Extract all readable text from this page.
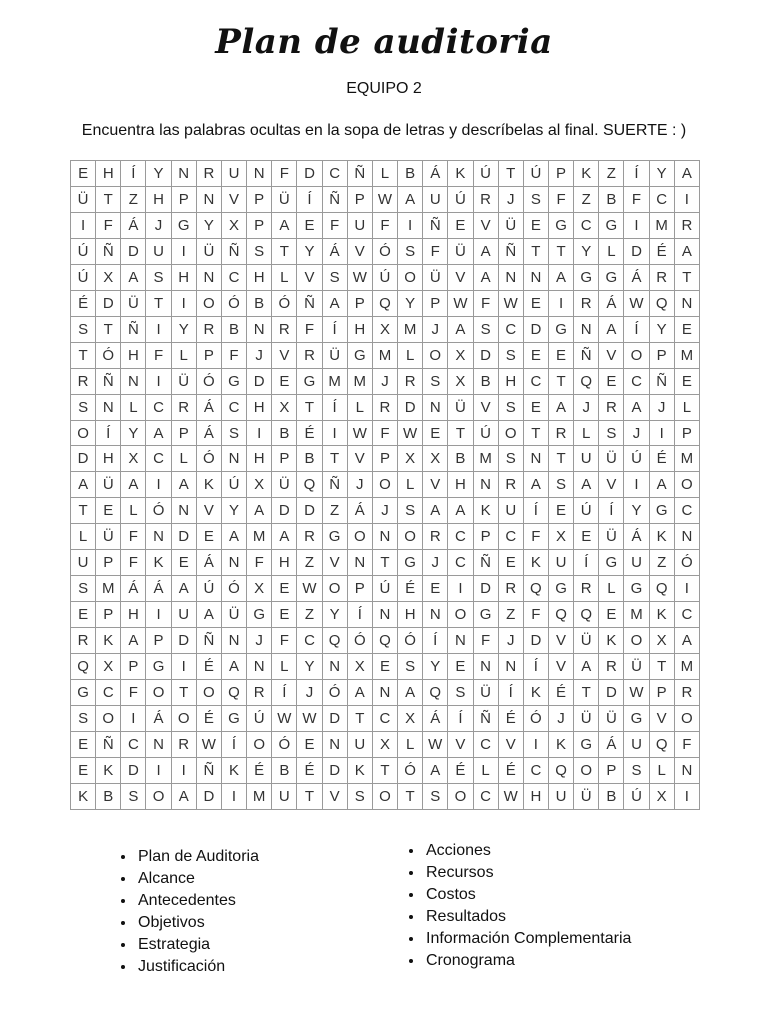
Plan de auditoria
EQUIPO 2
Encuentra las palabras ocultas en la sopa de letras y descríbelas al final. SUERTE : )
E	H	Í	Y	N	R	U	N	F	D	C	Ñ	L	B	Á	K	Ú	T	Ú	P	K	Z	Í	Y	A
Ü	T	Z	H	P	N	V	P	Ü	Í	Ñ	P	W	A	U	Ú	R	J	S	F	Z	B	F	C	I
I	F	Á	J	G	Y	X	P	A	E	F	U	F	I	Ñ	E	V	Ü	E	G	C	G	I	M	R
Ú	Ñ	D	U	I	Ü	Ñ	S	T	Y	Á	V	Ó	S	F	Ü	A	Ñ	T	T	Y	L	D	É	A
Ú	X	A	S	H	N	C	H	L	V	S	W	Ú	O	Ü	V	A	N	N	A	G	G	Á	R	T
É	D	Ü	T	I	O	Ó	B	Ó	Ñ	A	P	Q	Y	P	W	F	W	E	I	R	Á	W	Q	N
S	T	Ñ	I	Y	R	B	N	R	F	Í	H	X	M	J	A	S	C	D	G	N	A	Í	Y	E
T	Ó	H	F	L	P	F	J	V	R	Ü	G	M	L	O	X	D	S	E	E	Ñ	V	O	P	M
R	Ñ	N	I	Ü	Ó	G	D	E	G	M	M	J	R	S	X	B	H	C	T	Q	E	C	Ñ	E
S	N	L	C	R	Á	C	H	X	T	Í	L	R	D	N	Ü	V	S	E	A	J	R	A	J	L
O	Í	Y	A	P	Á	S	I	B	É	I	W	F	W	E	T	Ú	O	T	R	L	S	J	I	P
D	H	X	C	L	Ó	N	H	P	B	T	V	P	X	X	B	M	S	N	T	U	Ü	Ú	É	M
A	Ü	A	I	A	K	Ú	X	Ü	Q	Ñ	J	O	L	V	H	N	R	A	S	A	V	I	A	O
T	E	L	Ó	N	V	Y	A	D	D	Z	Á	J	S	A	A	K	U	Í	E	Ú	Í	Y	G	C
L	Ü	F	N	D	E	A	M	A	R	G	O	N	O	R	C	P	C	F	X	E	Ü	Á	K	N
U	P	F	K	E	Á	N	F	H	Z	V	N	T	G	J	C	Ñ	E	K	U	Í	G	U	Z	Ó
S	M	Á	Á	A	Ú	Ó	X	E	W	O	P	Ú	É	E	I	D	R	Q	G	R	L	G	Q	I
E	P	H	I	U	A	Ü	G	E	Z	Y	Í	N	H	N	O	G	Z	F	Q	Q	E	M	K	C
R	K	A	P	D	Ñ	N	J	F	C	Q	Ó	Q	Ó	Í	N	F	J	D	V	Ü	K	O	X	A
Q	X	P	G	I	É	A	N	L	Y	N	X	E	S	Y	E	N	N	Í	V	A	R	Ü	T	M
G	C	F	O	T	O	Q	R	Í	J	Ó	A	N	A	Q	S	Ü	Í	K	É	T	D	W	P	R
S	O	I	Á	O	É	G	Ú	W	W	D	T	C	X	Á	Í	Ñ	É	Ó	J	Ü	Ü	G	V	O
E	Ñ	C	N	R	W	Í	O	Ó	E	N	U	X	L	W	V	C	V	I	K	G	Á	U	Q	F
E	K	D	I	I	Ñ	K	É	B	É	D	K	T	Ó	A	É	L	É	C	Q	O	P	S	L	N
K	B	S	O	A	D	I	M	U	T	V	S	O	T	S	O	C	W	H	U	Ü	B	Ú	X	I
• Plan de Auditoria
• Alcance
• Antecedentes
• Objetivos
• Estrategia
• Justificación
• Acciones
• Recursos
• Costos
• Resultados
• Información Complementaria
• Cronograma
